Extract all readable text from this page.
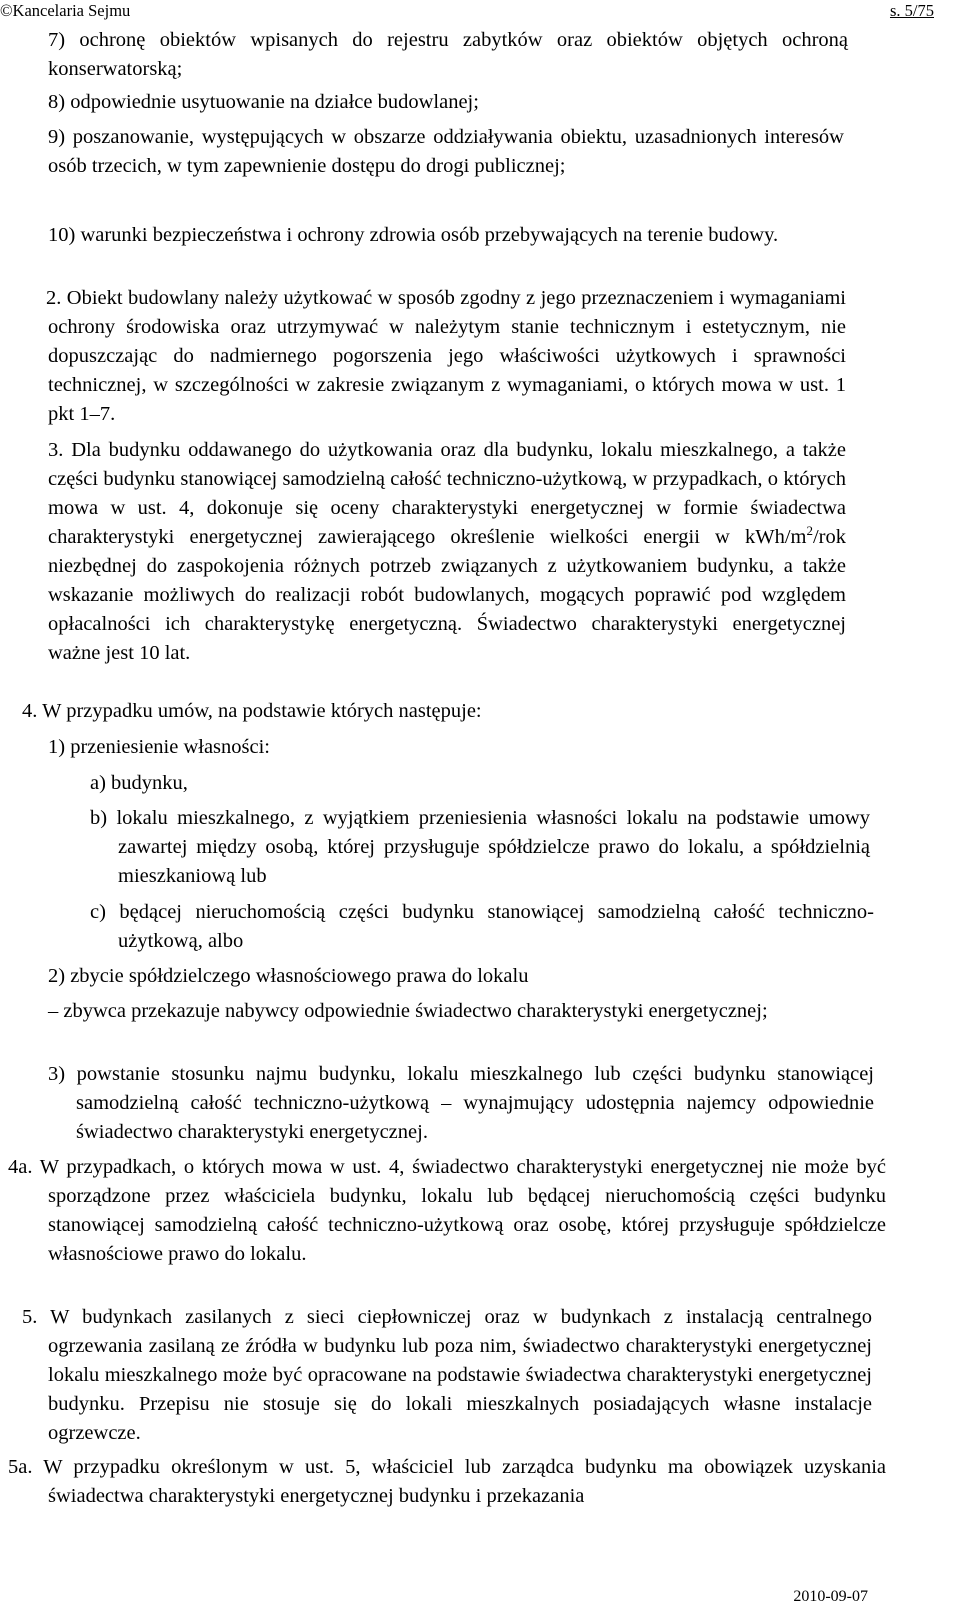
©Kancelaria Sejmu	s. 5/75
7) ochronę obiektów wpisanych do rejestru zabytków oraz obiektów objętych ochroną konserwatorską;
8) odpowiednie usytuowanie na działce budowlanej;
9) poszanowanie, występujących w obszarze oddziaływania obiektu, uzasadnionych interesów osób trzecich, w tym zapewnienie dostępu do drogi publicznej;
10) warunki bezpieczeństwa i ochrony zdrowia osób przebywających na terenie budowy.
2. Obiekt budowlany należy użytkować w sposób zgodny z jego przeznaczeniem i wymaganiami ochrony środowiska oraz utrzymywać w należytym stanie technicznym i estetycznym, nie dopuszczając do nadmiernego pogorszenia jego właściwości użytkowych i sprawności technicznej, w szczególności w zakresie związanym z wymaganiami, o których mowa w ust. 1 pkt 1–7.
3. Dla budynku oddawanego do użytkowania oraz dla budynku, lokalu mieszkalnego, a także części budynku stanowiącej samodzielną całość techniczno-użytkową, w przypadkach, o których mowa w ust. 4, dokonuje się oceny charakterystyki energetycznej w formie świadectwa charakterystyki energetycznej zawierającego określenie wielkości energii w kWh/$m^2$/rok niezbędnej do zaspokojenia różnych potrzeb związanych z użytkowaniem budynku, a także wskazanie możliwych do realizacji robót budowlanych, mogących poprawić pod względem opłacalności ich charakterystykę energetyczną. Świadectwo charakterystyki energetycznej ważne jest 10 lat.
4. W przypadku umów, na podstawie których następuje:
1) przeniesienie własności:
a) budynku,
b) lokalu mieszkalnego, z wyjątkiem przeniesienia własności lokalu na podstawie umowy zawartej między osobą, której przysługuje spółdzielcze prawo do lokalu, a spółdzielnią mieszkaniową lub
c) będącej nieruchomością części budynku stanowiącej samodzielną całość techniczno-użytkową, albo
2) zbycie spółdzielczego własnościowego prawa do lokalu
– zbywca przekazuje nabywcy odpowiednie świadectwo charakterystyki energetycznej;
3) powstanie stosunku najmu budynku, lokalu mieszkalnego lub części budynku stanowiącej samodzielną całość techniczno-użytkową – wynajmujący udostępnia najemcy odpowiednie świadectwo charakterystyki energetycznej.
4a. W przypadkach, o których mowa w ust. 4, świadectwo charakterystyki energetycznej nie może być sporządzone przez właściciela budynku, lokalu lub będącej nieruchomością części budynku stanowiącej samodzielną całość techniczno-użytkową oraz osobę, której przysługuje spółdzielcze własnościowe prawo do lokalu.
5. W budynkach zasilanych z sieci ciepłowniczej oraz w budynkach z instalacją centralnego ogrzewania zasilaną ze źródła w budynku lub poza nim, świadectwo charakterystyki energetycznej lokalu mieszkalnego może być opracowane na podstawie świadectwa charakterystyki energetycznej budynku. Przepisu nie stosuje się do lokali mieszkalnych posiadających własne instalacje ogrzewcze.
5a. W przypadku określonym w ust. 5, właściciel lub zarządca budynku ma obowiązek uzyskania świadectwa charakterystyki energetycznej budynku i przekazania
2010-09-07
